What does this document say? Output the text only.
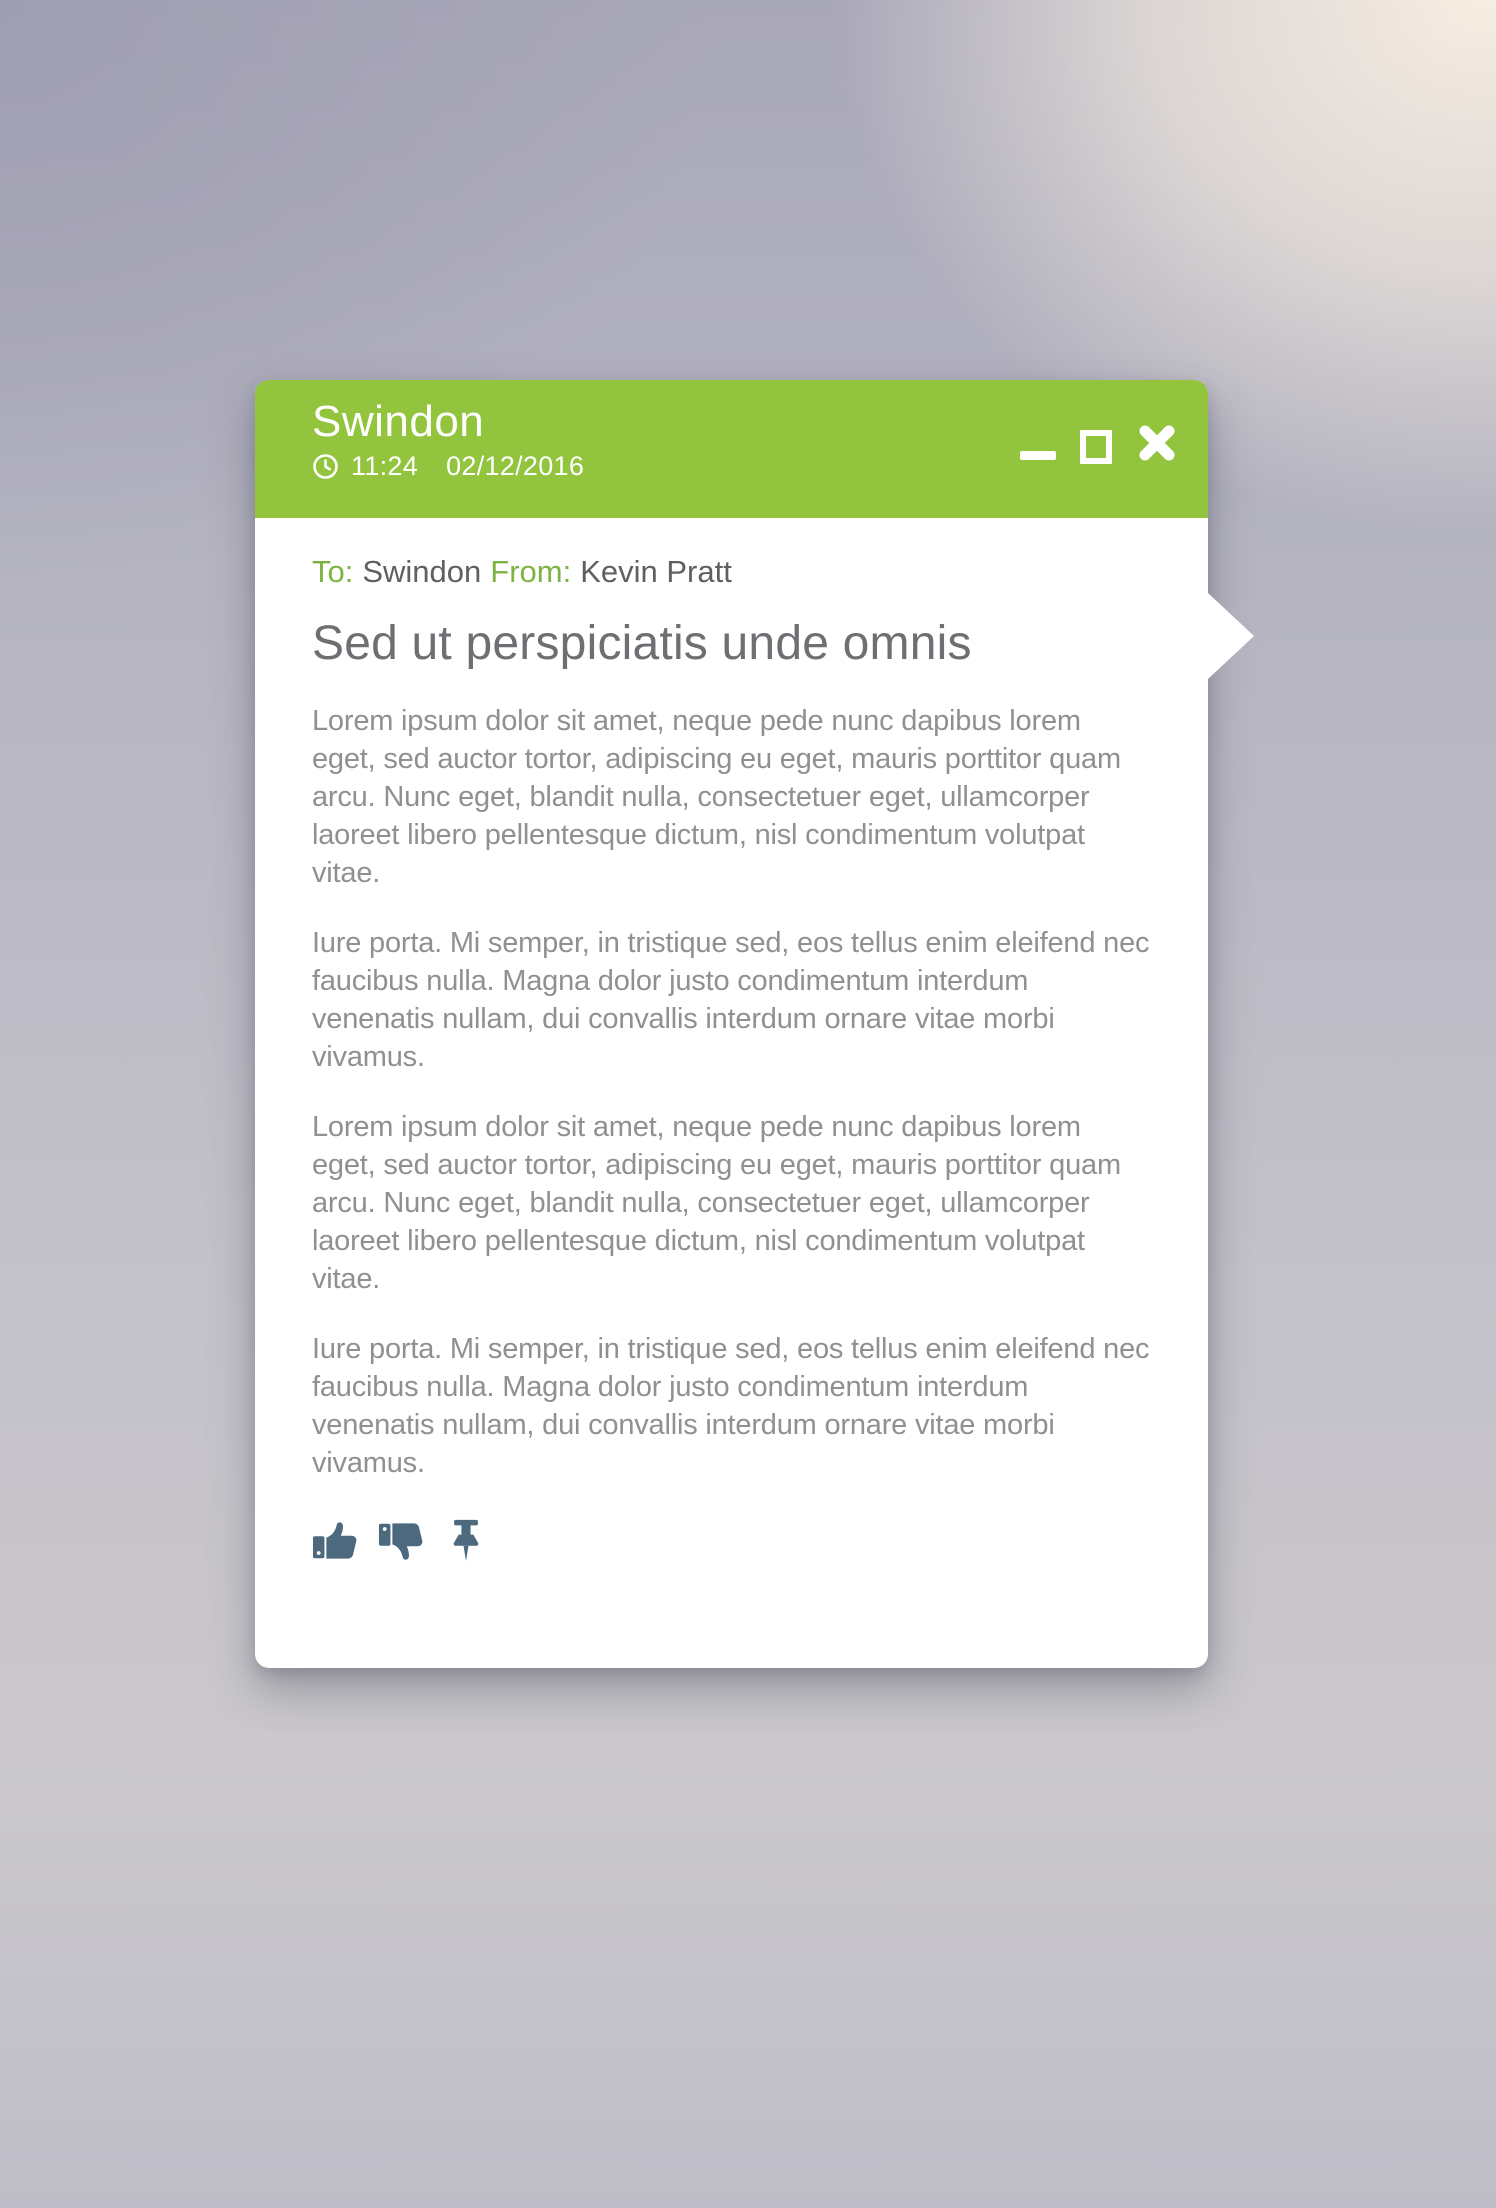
Swindon
11:24 02/12/2016
To: Swindon From: Kevin Pratt
Sed ut perspiciatis unde omnis

Lorem ipsum dolor sit amet, neque pede nunc dapibus lorem eget, sed auctor tortor, adipiscing eu eget, mauris porttitor quam arcu. Nunc eget, blandit nulla, consectetuer eget, ullamcorper laoreet libero pellentesque dictum, nisl condimentum volutpat vitae.

Iure porta. Mi semper, in tristique sed, eos tellus enim eleifend nec faucibus nulla. Magna dolor justo condimentum interdum venenatis nullam, dui convallis interdum ornare vitae morbi vivamus.

Lorem ipsum dolor sit amet, neque pede nunc dapibus lorem eget, sed auctor tortor, adipiscing eu eget, mauris porttitor quam arcu. Nunc eget, blandit nulla, consectetuer eget, ullamcorper laoreet libero pellentesque dictum, nisl condimentum volutpat vitae.

Iure porta. Mi semper, in tristique sed, eos tellus enim eleifend nec faucibus nulla. Magna dolor justo condimentum interdum venenatis nullam, dui convallis interdum ornare vitae morbi vivamus.
